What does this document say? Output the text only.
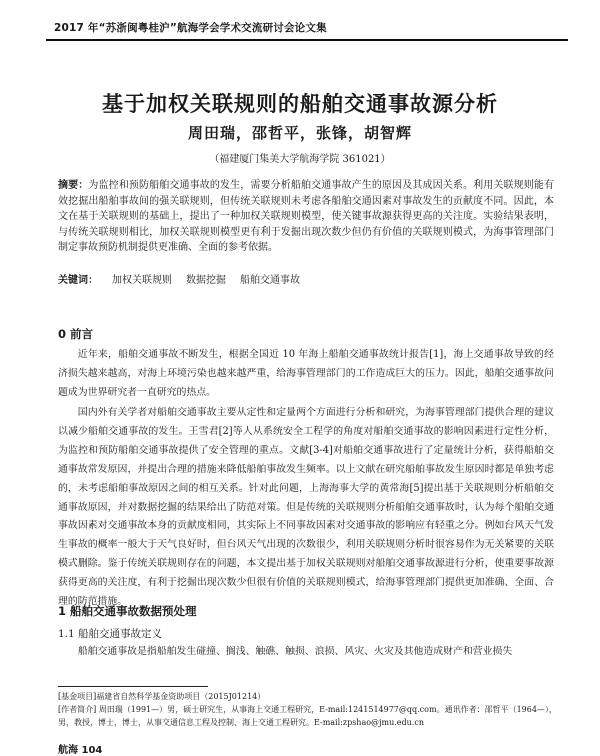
2017 年“苏浙闽粤桂沪”航海学会学术交流研讨会论文集
基于加权关联规则的船舶交通事故源分析
周田瑞，邵哲平，张锋，胡智辉
（福建厦门集美大学航海学院 361021）
摘要：为监控和预防船舶交通事故的发生，需要分析船舶交通事故产生的原因及其成因关系。利用关联规则能有效挖掘出船舶事故间的强关联规则，但传统关联规则未考虑各船舶交通因素对事故发生的贡献度不同。因此，本文在基于关联规则的基础上，提出了一种加权关联规则模型，使关键事故源获得更高的关注度。实验结果表明，与传统关联规则相比，加权关联规则模型更有利于发掘出现次数少但仍有价值的关联规则模式，为海事管理部门制定事故预防机制提供更准确、全面的参考依据。
关键词： 加权关联规则 数据挖掘 船舶交通事故
0 前言
近年来，船舶交通事故不断发生，根据全国近 10 年海上船舶交通事故统计报告[1]，海上交通事故导致的经济损失越来越高，对海上环境污染也越来越严重，给海事管理部门的工作造成巨大的压力。因此，船舶交通事故问题成为世界研究者一直研究的热点。
国内外有关学者对船舶交通事故主要从定性和定量两个方面进行分析和研究，为海事管理部门提供合理的建议以减少船舶交通事故的发生。王雪君[2]等人从系统安全工程学的角度对船舶交通事故的影响因素进行定性分析，为监控和预防船舶交通事故提供了安全管理的重点。文献[3-4]对船舶交通事故进行了定量统计分析，获得船舶交通事故常发原因，并提出合理的措施来降低船舶事故发生频率。以上文献在研究船舶事故发生原因时都是单独考虑的，未考虑船舶事故原因之间的相互关系。针对此问题，上海海事大学的黄常海[5]提出基于关联规则分析船舶交通事故原因，并对数据挖掘的结果给出了防范对策。但是传统的关联规则分析船舶交通事故时，认为每个船舶交通事故因素对交通事故本身的贡献度相同，其实际上不同事故因素对交通事故的影响应有轻重之分。例如台风天气发生事故的概率一般大于天气良好时，但台风天气出现的次数很少，利用关联规则分析时很容易作为无关紧要的关联模式删除。鉴于传统关联规则存在的问题，本文提出基于加权关联规则对船舶交通事故源进行分析，使重要事故源获得更高的关注度，有利于挖掘出现次数少但很有价值的关联规则模式，给海事管理部门提供更加准确、全面、合理的防范措施。
1 船舶交通事故数据预处理
1.1 船舶交通事故定义
船舶交通事故是指船舶发生碰撞、搁浅、触礁、触损、浪损、风灾、火灾及其他造成财产和营业损失
[基金项目]福建省自然科学基金资助项目（2015J01214）
[作者简介] 周田瑞（1991—）男，硕士研究生，从事海上交通工程研究，E-mail:1241514977@qq.com。通讯作者：邵哲平（1964—），男，教授，博士，博士，从事交通信息工程及控制、海上交通工程研究。E-mail:zpshao@jmu.edu.cn
航海 104
